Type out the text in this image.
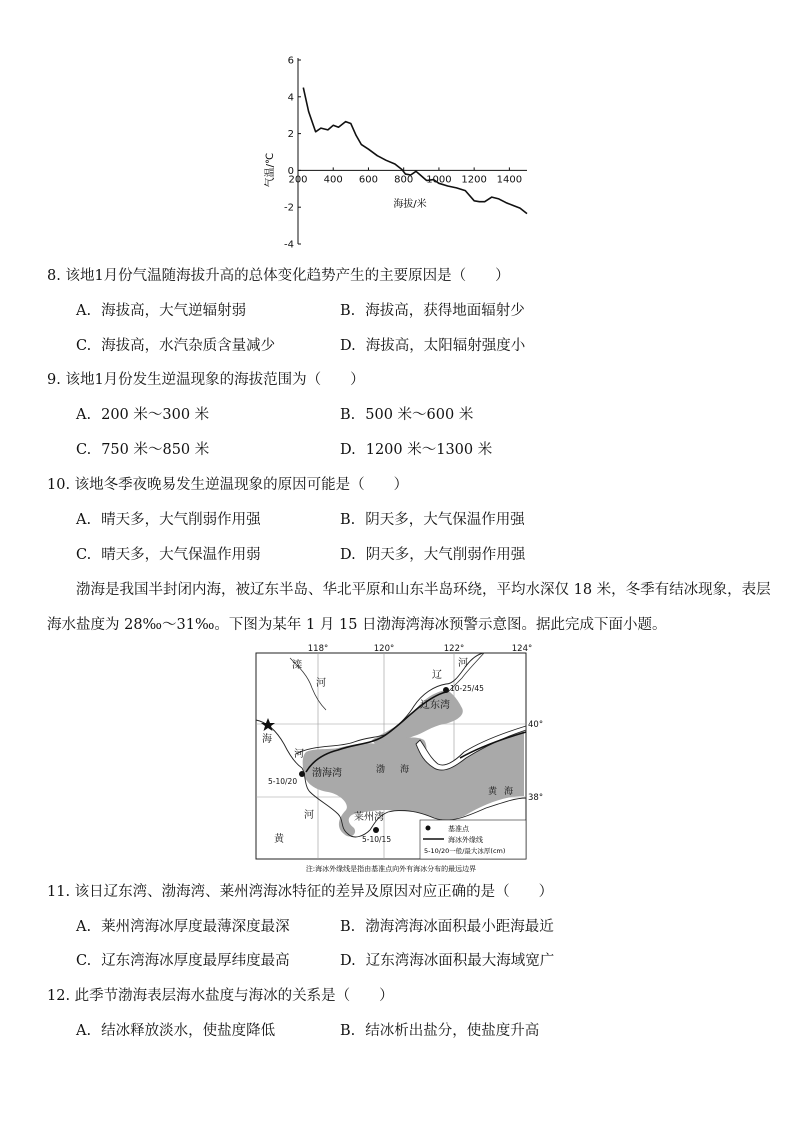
6
4
2
0
-2
-4
200 400 600 800 1000 1200 1400
气温/℃
海拔/米
8. 该地1月份气温随海拔升高的总体变化趋势产生的主要原因是（　　）
A. 海拔高，大气逆辐射弱	B. 海拔高，获得地面辐射少
C. 海拔高，水汽杂质含量减少	D. 海拔高，太阳辐射强度小
9. 该地1月份发生逆温现象的海拔范围为（　　）
A. 200 米～300 米	B. 500 米～600 米
C. 750 米～850 米	D. 1200 米～1300 米
10. 该地冬季夜晚易发生逆温现象的原因可能是（　　）
A. 晴天多，大气削弱作用强	B. 阴天多，大气保温作用强
C. 晴天多，大气保温作用弱	D. 阴天多，大气削弱作用强
渤海是我国半封闭内海，被辽东半岛、华北平原和山东半岛环绕，平均水深仅 18 米，冬季有结冰现象，表层
海水盐度为 28‰～31‰。下图为某年 1 月 15 日渤海湾海冰预警示意图。据此完成下面小题。
118°	120°	122°	124°
40°
38°
滦
河
海
河
辽
河
辽东湾
渤海湾	渤 海
莱州湾
河
黄
黄 海
10-25/45
5-10/20
5-10/15
基准点
海冰外缘线
5-10/20一般/最大冰厚(cm)
注:海冰外缘线是指由基准点向外有海冰分布的最远边界
11. 该日辽东湾、渤海湾、莱州湾海冰特征的差异及原因对应正确的是（　　）
A. 莱州湾海冰厚度最薄深度最深	B. 渤海湾海冰面积最小距海最近
C. 辽东湾海冰厚度最厚纬度最高	D. 辽东湾海冰面积最大海域宽广
12. 此季节渤海表层海水盐度与海冰的关系是（　　）
A. 结冰释放淡水，使盐度降低	B. 结冰析出盐分，使盐度升高
